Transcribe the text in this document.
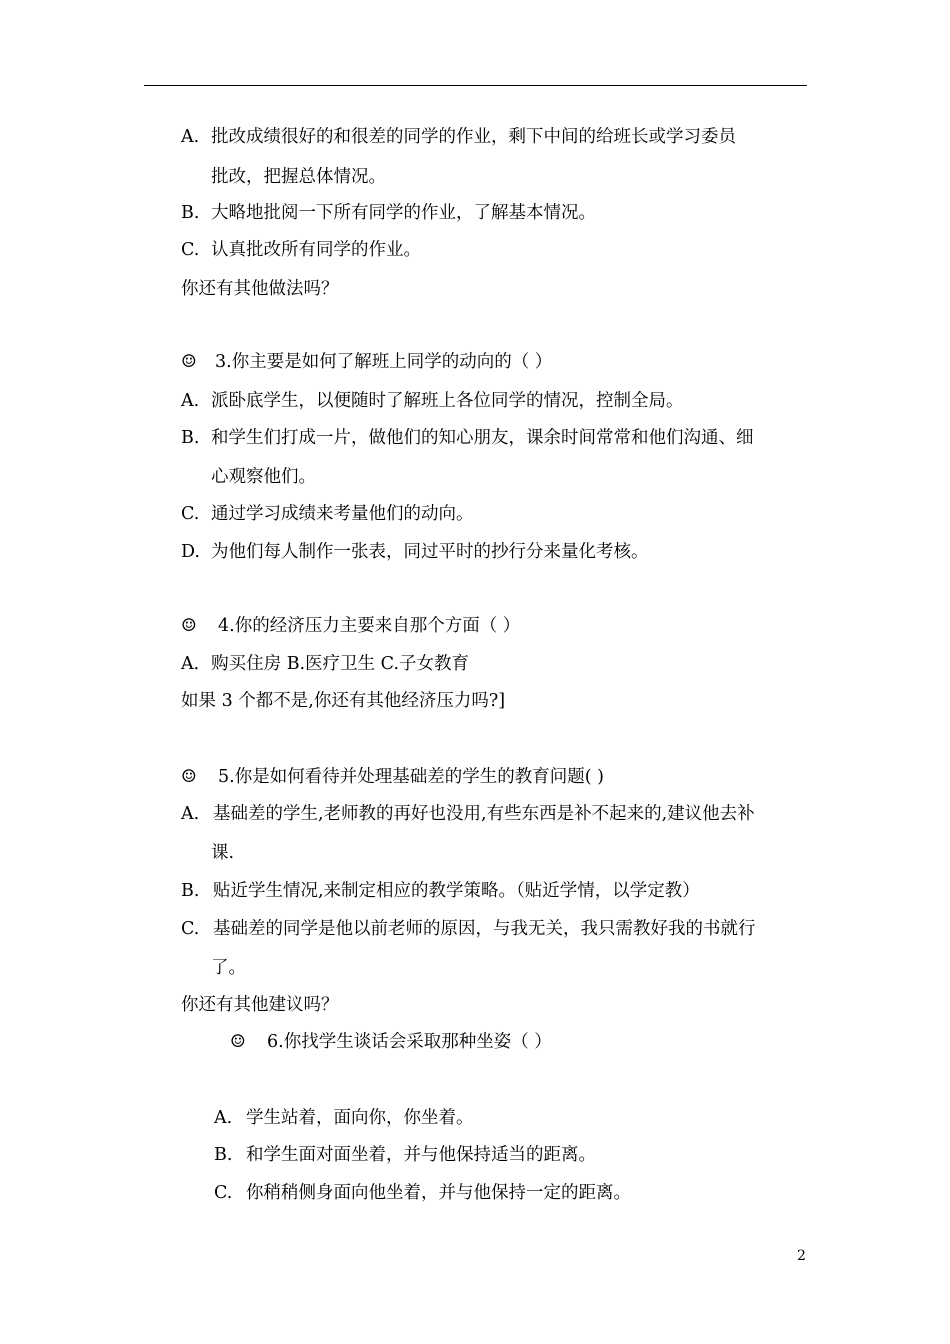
A. 批改成绩很好的和很差的同学的作业，剩下中间的给班长或学习委员
批改，把握总体情况。
B. 大略地批阅一下所有同学的作业，了解基本情况。
C. 认真批改所有同学的作业。
你还有其他做法吗？
☺ 3.你主要是如何了解班上同学的动向的（ ）
A. 派卧底学生，以便随时了解班上各位同学的情况，控制全局。
B. 和学生们打成一片，做他们的知心朋友，课余时间常常和他们沟通、细
心观察他们。
C. 通过学习成绩来考量他们的动向。
D. 为他们每人制作一张表，同过平时的抄行分来量化考核。
☺ 4.你的经济压力主要来自那个方面（ ）
A．购买住房 B.医疗卫生 C.子女教育
如果 3 个都不是,你还有其他经济压力吗?]
☺ 5.你是如何看待并处理基础差的学生的教育问题( )
A. 基础差的学生,老师教的再好也没用,有些东西是补不起来的,建议他去补
课.
B. 贴近学生情况,来制定相应的教学策略。（贴近学情，以学定教）
C. 基础差的同学是他以前老师的原因，与我无关，我只需教好我的书就行
了。
你还有其他建议吗？
☺ 6.你找学生谈话会采取那种坐姿（ ）
A. 学生站着，面向你，你坐着。
B. 和学生面对面坐着，并与他保持适当的距离。
C. 你稍稍侧身面向他坐着，并与他保持一定的距离。
2
